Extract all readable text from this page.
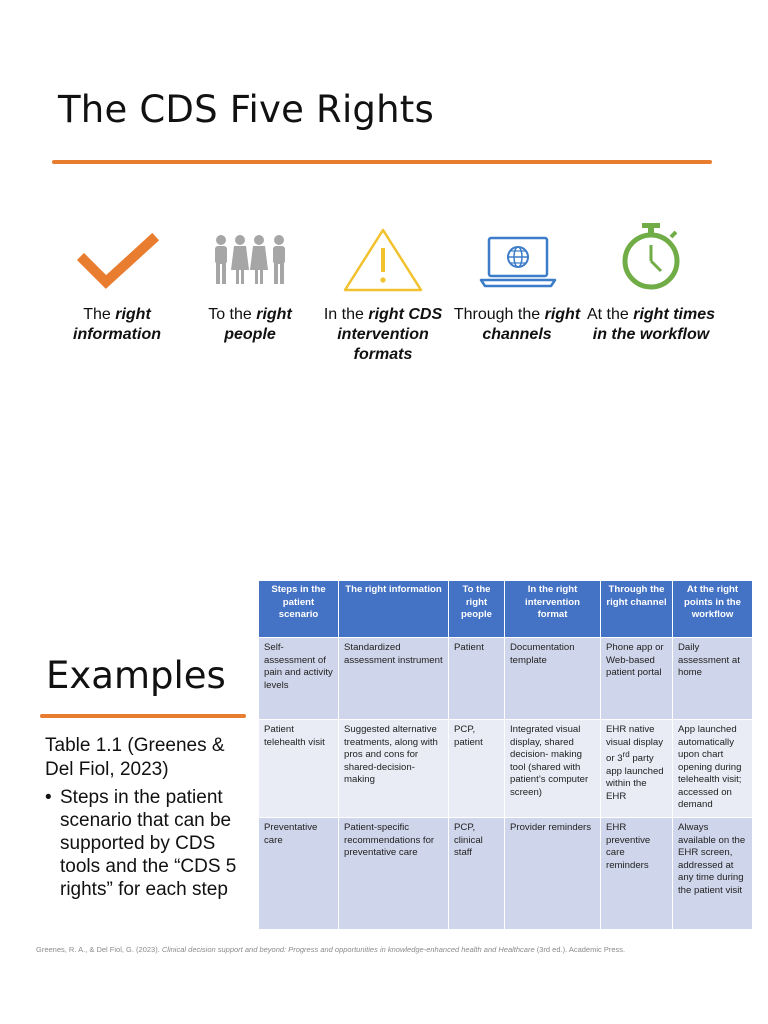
The CDS Five Rights
The right information
To the right people
In the right CDS intervention formats
Through the right channels
At the right times in the workflow
Examples
Table 1.1 (Greenes & Del Fiol, 2023)
• Steps in the patient scenario that can be supported by CDS tools and the “CDS 5 rights” for each step
Steps in the patient scenario	The right information	To the right people	In the right intervention format	Through the right channel	At the right points in the workflow
Self-assessment of pain and activity levels	Standardized assessment instrument	Patient	Documentation template	Phone app or Web-based patient portal	Daily assessment at home
Patient telehealth visit	Suggested alternative treatments, along with pros and cons for shared-decision-making	PCP, patient	Integrated visual display, shared decision- making tool (shared with patient’s computer screen)	EHR native visual display or 3rd party app launched within the EHR	App launched automatically upon chart opening during telehealth visit; accessed on demand
Preventative care	Patient-specific recommendations for preventative care	PCP, clinical staff	Provider reminders	EHR preventive care reminders	Always available on the EHR screen, addressed at any time during the patient visit
Greenes, R. A., & Del Fiol, G. (2023). Clinical decision support and beyond: Progress and opportunities in knowledge-enhanced health and Healthcare (3rd ed.). Academic Press.
